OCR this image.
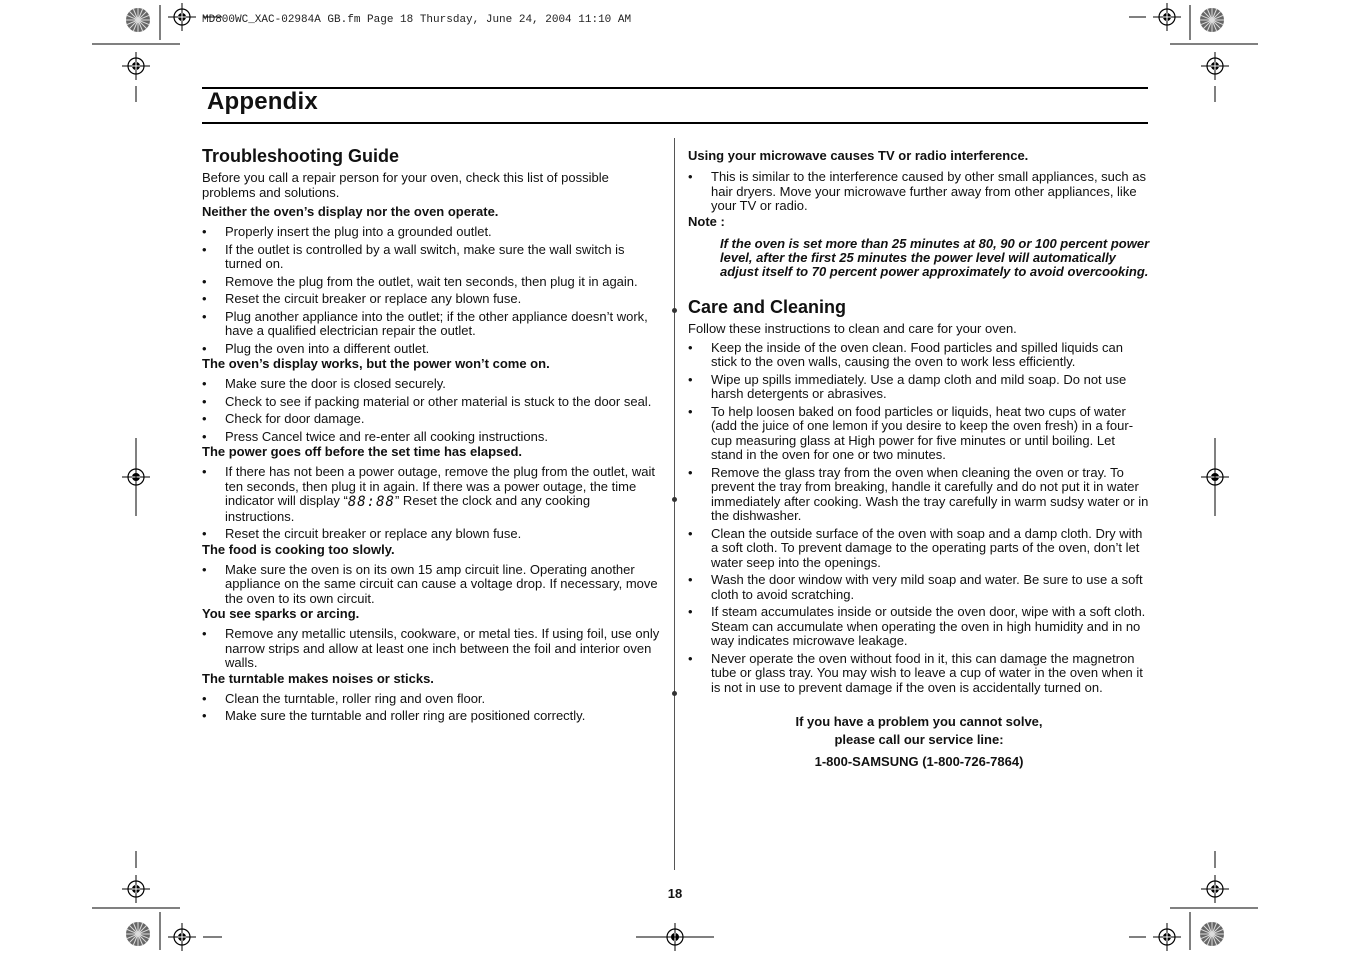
MD800WC_XAC-02984A GB.fm Page 18 Thursday, June 24, 2004 11:10 AM
Appendix
Troubleshooting Guide

Before you call a repair person for your oven, check this list of possible problems and solutions.

Neither the oven’s display nor the oven operate.
• Properly insert the plug into a grounded outlet.
• If the outlet is controlled by a wall switch, make sure the wall switch is turned on.
• Remove the plug from the outlet, wait ten seconds, then plug it in again.
• Reset the circuit breaker or replace any blown fuse.
• Plug another appliance into the outlet; if the other appliance doesn’t work, have a qualified electrician repair the outlet.
• Plug the oven into a different outlet.
The oven’s display works, but the power won’t come on.
• Make sure the door is closed securely.
• Check to see if packing material or other material is stuck to the door seal.
• Check for door damage.
• Press Cancel twice and re-enter all cooking instructions.
The power goes off before the set time has elapsed.
• If there has not been a power outage, remove the plug from the outlet, wait ten seconds, then plug it in again. If there was a power outage, the time indicator will display “88:88” Reset the clock and any cooking instructions.
• Reset the circuit breaker or replace any blown fuse.
The food is cooking too slowly.
• Make sure the oven is on its own 15 amp circuit line. Operating another appliance on the same circuit can cause a voltage drop. If necessary, move the oven to its own circuit.
You see sparks or arcing.
• Remove any metallic utensils, cookware, or metal ties. If using foil, use only narrow strips and allow at least one inch between the foil and interior oven walls.
The turntable makes noises or sticks.
• Clean the turntable, roller ring and oven floor.
• Make sure the turntable and roller ring are positioned correctly.
Using your microwave causes TV or radio interference.
• This is similar to the interference caused by other small appliances, such as hair dryers. Move your microwave further away from other appliances, like your TV or radio.
Note :
If the oven is set more than 25 minutes at 80, 90 or 100 percent power level, after the first 25 minutes the power level will automatically adjust itself to 70 percent power approximately to avoid overcooking.
Care and Cleaning

Follow these instructions to clean and care for your oven.

• Keep the inside of the oven clean. Food particles and spilled liquids can stick to the oven walls, causing the oven to work less efficiently.
• Wipe up spills immediately. Use a damp cloth and mild soap. Do not use harsh detergents or abrasives.
• To help loosen baked on food particles or liquids, heat two cups of water (add the juice of one lemon if you desire to keep the oven fresh) in a four-cup measuring glass at High power for five minutes or until boiling. Let stand in the oven for one or two minutes.
• Remove the glass tray from the oven when cleaning the oven or tray. To prevent the tray from breaking, handle it carefully and do not put it in water immediately after cooking. Wash the tray carefully in warm sudsy water or in the dishwasher.
• Clean the outside surface of the oven with soap and a damp cloth. Dry with a soft cloth. To prevent damage to the operating parts of the oven, don’t let water seep into the openings.
• Wash the door window with very mild soap and water. Be sure to use a soft cloth to avoid scratching.
• If steam accumulates inside or outside the oven door, wipe with a soft cloth. Steam can accumulate when operating the oven in high humidity and in no way indicates microwave leakage.
• Never operate the oven without food in it, this can damage the magnetron tube or glass tray. You may wish to leave a cup of water in the oven when it is not in use to prevent damage if the oven is accidentally turned on.
If you have a problem you cannot solve,
please call our service line:
1-800-SAMSUNG (1-800-726-7864)
18
